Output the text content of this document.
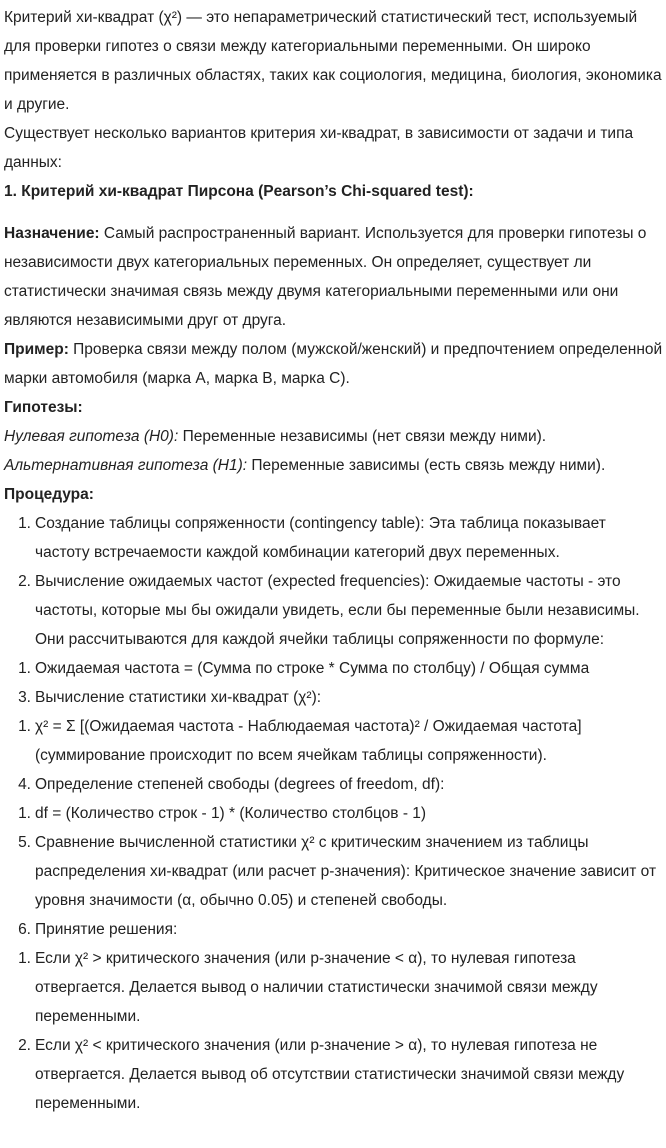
Критерий хи-квадрат (χ²) — это непараметрический статистический тест, используемый для проверки гипотез о связи между категориальными переменными. Он широко применяется в различных областях, таких как социология, медицина, биология, экономика и другие.

Существует несколько вариантов критерия хи-квадрат, в зависимости от задачи и типа данных:

1. Критерий хи-квадрат Пирсона (Pearson’s Chi-squared test):

Назначение: Самый распространенный вариант. Используется для проверки гипотезы о независимости двух категориальных переменных. Он определяет, существует ли статистически значимая связь между двумя категориальными переменными или они являются независимыми друг от друга.

Пример: Проверка связи между полом (мужской/женский) и предпочтением определенной марки автомобиля (марка A, марка B, марка C).

Гипотезы:

Нулевая гипотеза (H0): Переменные независимы (нет связи между ними).

Альтернативная гипотеза (H1): Переменные зависимы (есть связь между ними).

Процедура:

1. Создание таблицы сопряженности (contingency table): Эта таблица показывает частоту встречаемости каждой комбинации категорий двух переменных.
2. Вычисление ожидаемых частот (expected frequencies): Ожидаемые частоты - это частоты, которые мы бы ожидали увидеть, если бы переменные были независимы. Они рассчитываются для каждой ячейки таблицы сопряженности по формуле:
1. Ожидаемая частота = (Сумма по строке * Сумма по столбцу) / Общая сумма
3. Вычисление статистики хи-квадрат (χ²):
1. χ² = Σ [(Ожидаемая частота - Наблюдаемая частота)² / Ожидаемая частота] (суммирование происходит по всем ячейкам таблицы сопряженности).
4. Определение степеней свободы (degrees of freedom, df):
1. df = (Количество строк - 1) * (Количество столбцов - 1)
5. Сравнение вычисленной статистики χ² с критическим значением из таблицы распределения хи-квадрат (или расчет p-значения): Критическое значение зависит от уровня значимости (α, обычно 0.05) и степеней свободы.
6. Принятие решения:
1. Если χ² > критического значения (или p-значение < α), то нулевая гипотеза отвергается. Делается вывод о наличии статистически значимой связи между переменными.
2. Если χ² < критического значения (или p-значение > α), то нулевая гипотеза не отвергается. Делается вывод об отсутствии статистически значимой связи между переменными.
